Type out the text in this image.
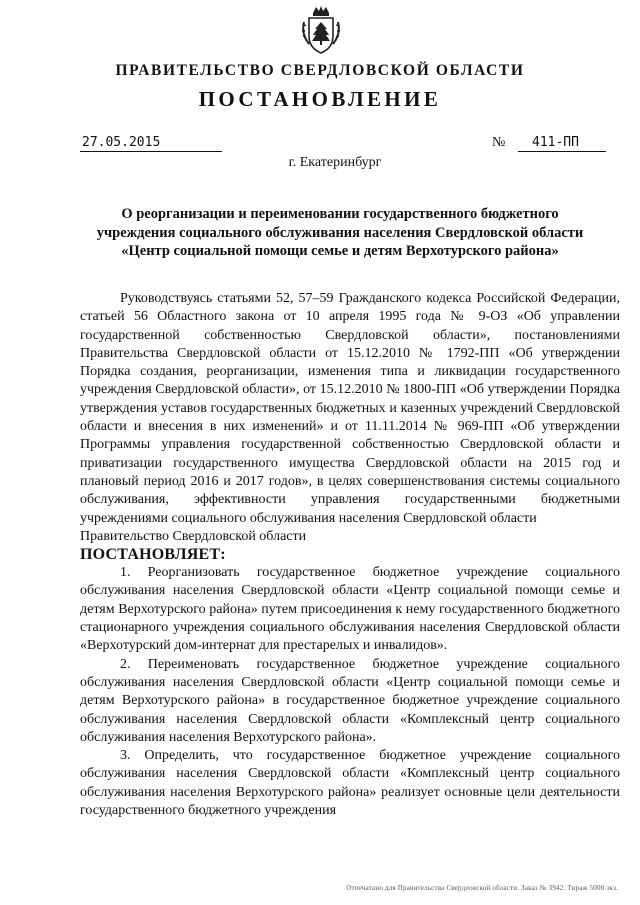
ПРАВИТЕЛЬСТВО СВЕРДЛОВСКОЙ ОБЛАСТИ
ПОСТАНОВЛЕНИЕ
27.05.2015	№	411-ПП
г. Екатеринбург
О реорганизации и переименовании государственного бюджетного
учреждения социального обслуживания населения Свердловской области
«Центр социальной помощи семье и детям Верхотурского района»

Руководствуясь статьями 52, 57–59 Гражданского кодекса Российской Федерации, статьей 56 Областного закона от 10 апреля 1995 года № 9-ОЗ «Об управлении государственной собственностью Свердловской области», постановлениями Правительства Свердловской области от 15.12.2010 № 1792-ПП «Об утверждении Порядка создания, реорганизации, изменения типа и ликвидации государственного учреждения Свердловской области», от 15.12.2010 № 1800-ПП «Об утверждении Порядка утверждения уставов государственных бюджетных и казенных учреждений Свердловской области и внесения в них изменений» и от 11.11.2014 № 969-ПП «Об утверждении Программы управления государственной собственностью Свердловской области и приватизации государственного имущества Свердловской области на 2015 год и плановый период 2016 и 2017 годов», в целях совершенствования системы социального обслуживания, эффективности управления государственными бюджетными учреждениями социального обслуживания населения Свердловской области

Правительство Свердловской области

ПОСТАНОВЛЯЕТ:

1. Реорганизовать государственное бюджетное учреждение социального обслуживания населения Свердловской области «Центр социальной помощи семье и детям Верхотурского района» путем присоединения к нему государственного бюджетного стационарного учреждения социального обслуживания населения Свердловской области «Верхотурский дом-интернат для престарелых и инвалидов».

2. Переименовать государственное бюджетное учреждение социального обслуживания населения Свердловской области «Центр социальной помощи семье и детям Верхотурского района» в государственное бюджетное учреждение социального обслуживания населения Свердловской области «Комплексный центр социального обслуживания населения Верхотурского района».

3. Определить, что государственное бюджетное учреждение социального обслуживания населения Свердловской области «Комплексный центр социального обслуживания населения Верхотурского района» реализует основные цели деятельности государственного бюджетного учреждения

Отпечатано для Правительства Свердловской области. Заказ № 3942. Тираж 5000 экз.
